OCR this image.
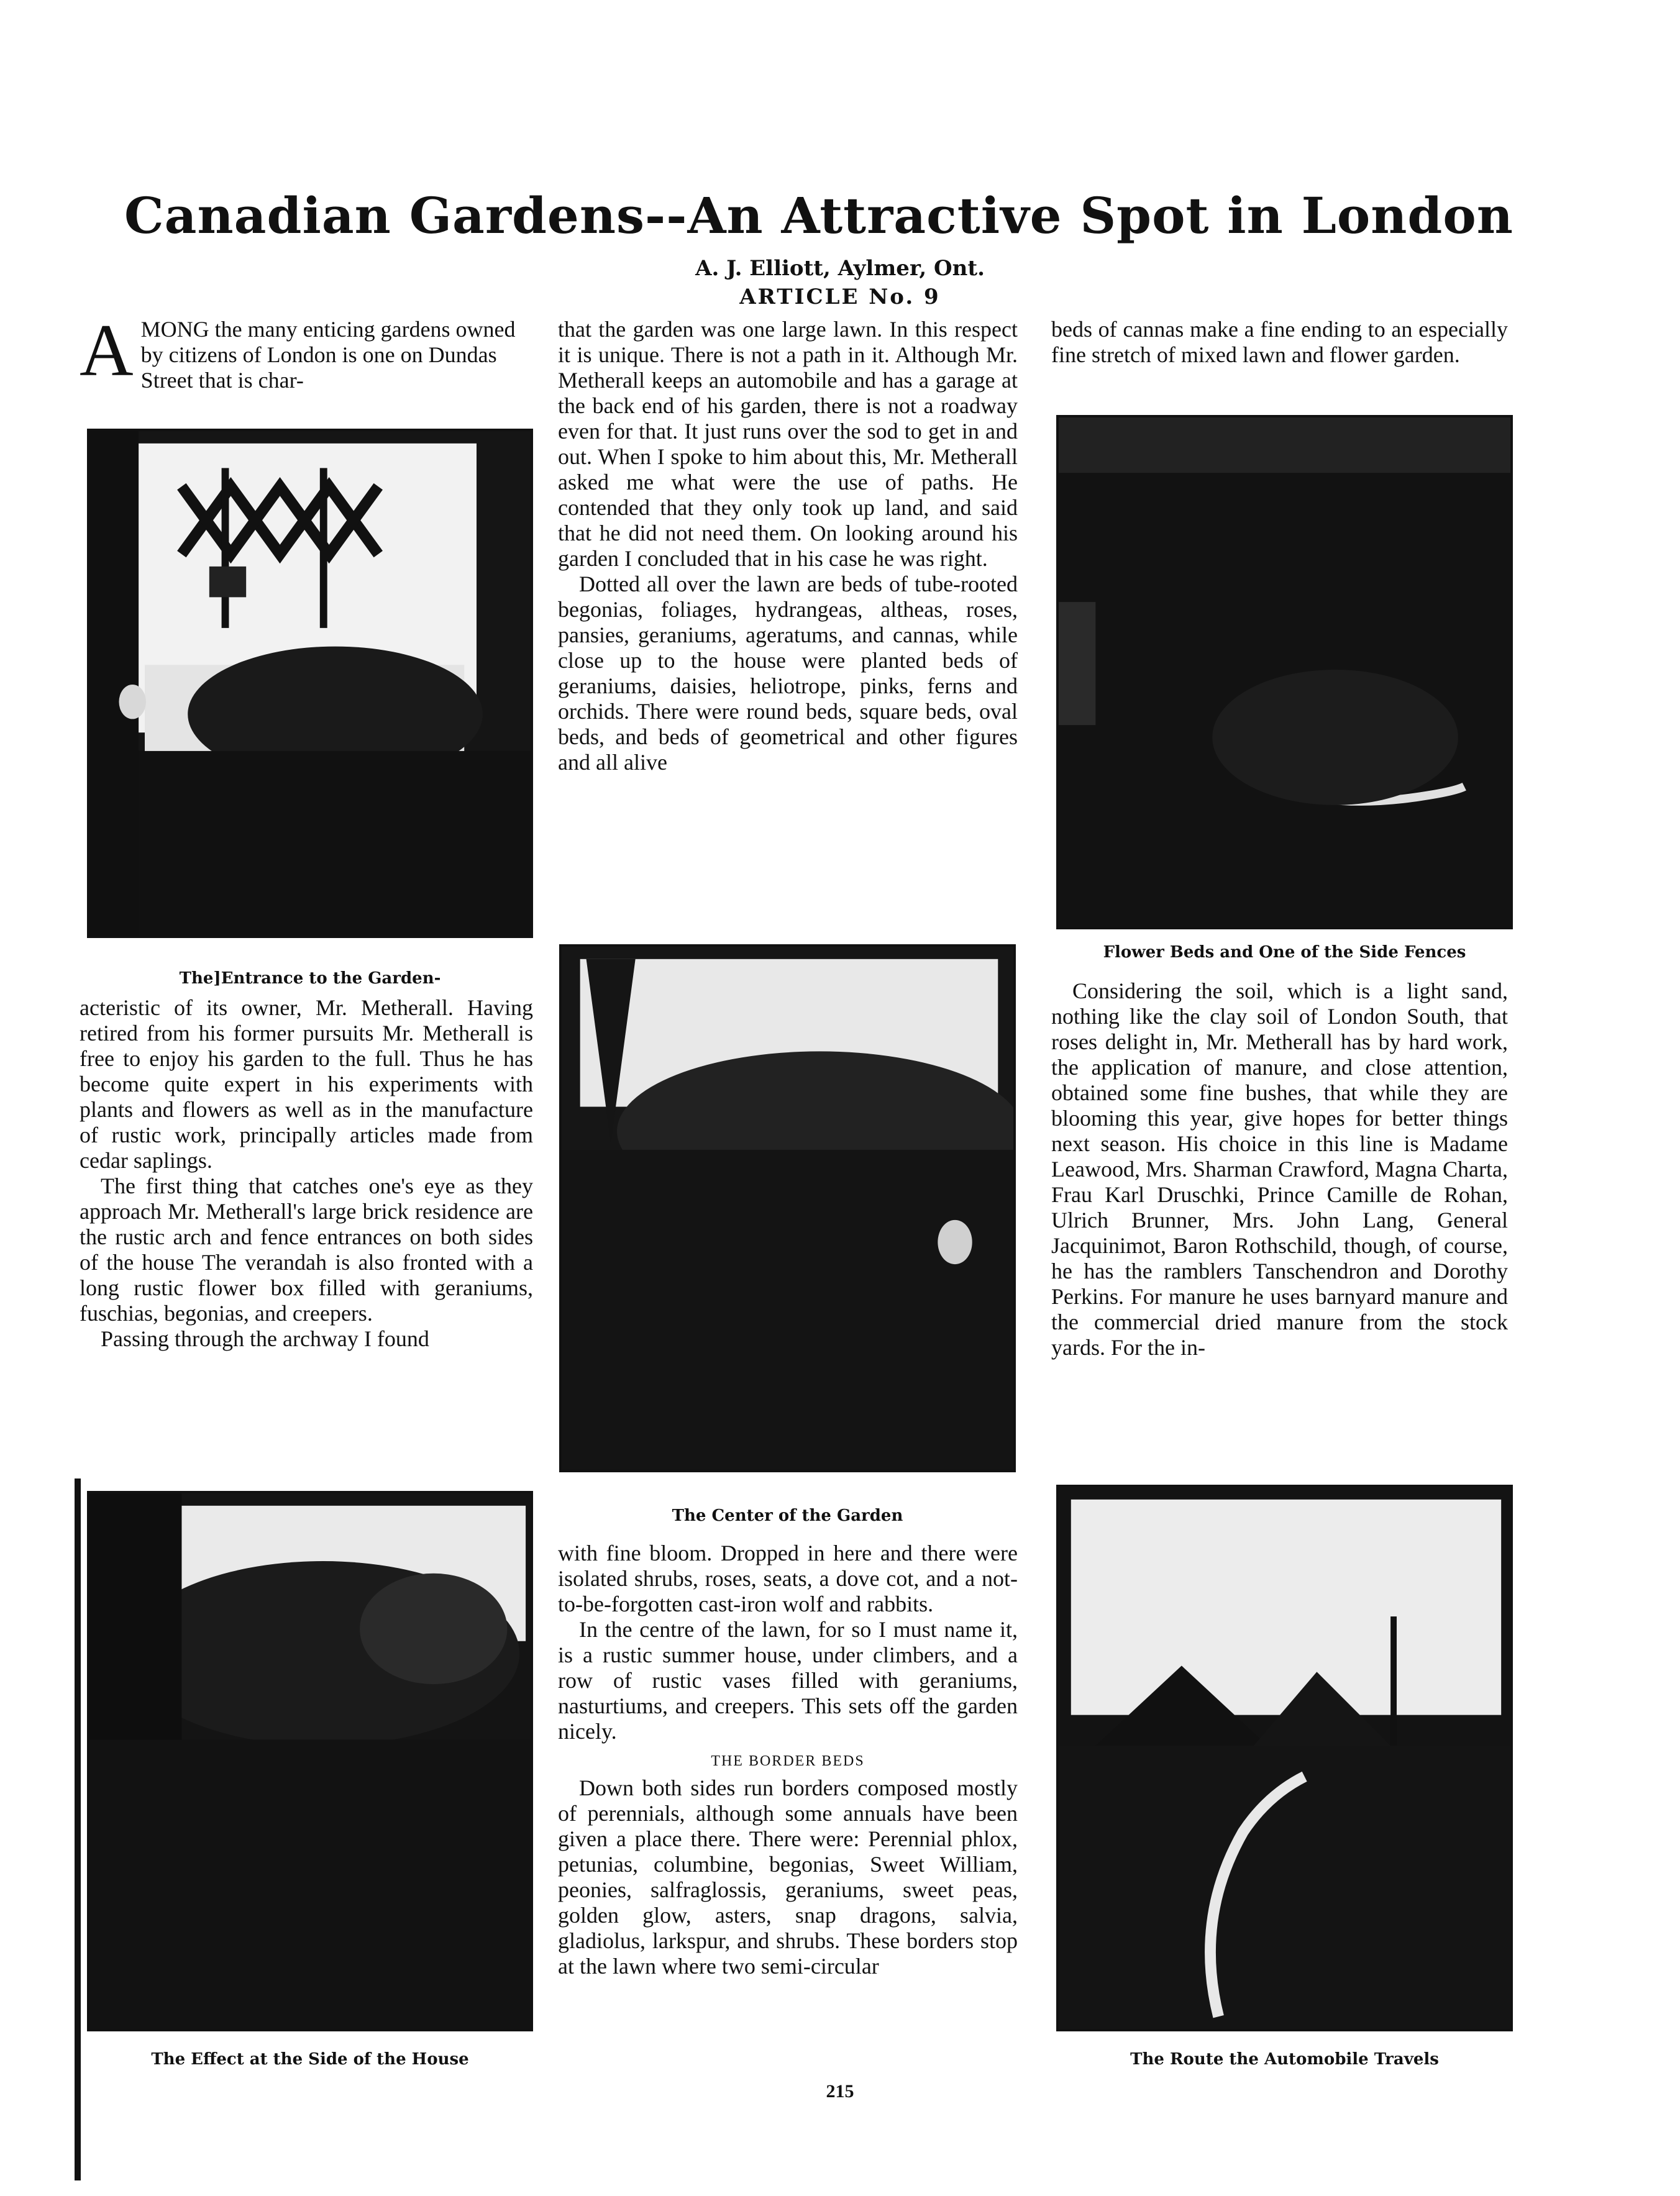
Canadian Gardens--An Attractive Spot in London
A. J. Elliott, Aylmer, Ont.
ARTICLE No. 9
A MONG the many enticing gardens owned by citizens of London is one on Dundas Street that is char-
The]Entrance to the Garden-

acteristic of its owner, Mr. Metherall. Having retired from his former pursuits Mr. Metherall is free to enjoy his garden to the full. Thus he has become quite expert in his experiments with plants and flowers as well as in the manufacture of rustic work, principally articles made from cedar saplings.

The first thing that catches one's eye as they approach Mr. Metherall's large brick residence are the rustic arch and fence entrances on both sides of the house The verandah is also fronted with a long rustic flower box filled with geraniums, fuschias, begonias, and creepers.

Passing through the archway I found

The Effect at the Side of the House

that the garden was one large lawn. In this respect it is unique. There is not a path in it. Although Mr. Metherall keeps an automobile and has a garage at the back end of his garden, there is not a roadway even for that. It just runs over the sod to get in and out. When I spoke to him about this, Mr. Metherall asked me what were the use of paths. He contended that they only took up land, and said that he did not need them. On looking around his garden I concluded that in his case he was right.

Dotted all over the lawn are beds of tube-rooted begonias, foliages, hydrangeas, altheas, roses, pansies, geraniums, ageratums, and cannas, while close up to the house were planted beds of geraniums, daisies, heliotrope, pinks, ferns and orchids. There were round beds, square beds, oval beds, and beds of geometrical and other figures and all alive

The Center of the Garden

with fine bloom. Dropped in here and there were isolated shrubs, roses, seats, a dove cot, and a not-to-be-forgotten cast-iron wolf and rabbits.

In the centre of the lawn, for so I must name it, is a rustic summer house, under climbers, and a row of rustic vases filled with geraniums, nasturtiums, and creepers. This sets off the garden nicely.

THE BORDER BEDS

Down both sides run borders composed mostly of perennials, although some annuals have been given a place there. There were: Perennial phlox, petunias, columbine, begonias, Sweet William, peonies, salfraglossis, geraniums, sweet peas, golden glow, asters, snap dragons, salvia, gladiolus, larkspur, and shrubs. These borders stop at the lawn where two semi-circular

beds of cannas make a fine ending to an especially fine stretch of mixed lawn and flower garden.

Flower Beds and One of the Side Fences

Considering the soil, which is a light sand, nothing like the clay soil of London South, that roses delight in, Mr. Metherall has by hard work, the application of manure, and close attention, obtained some fine bushes, that while they are blooming this year, give hopes for better things next season. His choice in this line is Madame Leawood, Mrs. Sharman Crawford, Magna Charta, Frau Karl Druschki, Prince Camille de Rohan, Ulrich Brunner, Mrs. John Lang, General Jacquinimot, Baron Rothschild, though, of course, he has the ramblers Tanschendron and Dorothy Perkins. For manure he uses barnyard manure and the commercial dried manure from the stock yards. For the in-

The Route the Automobile Travels
215
